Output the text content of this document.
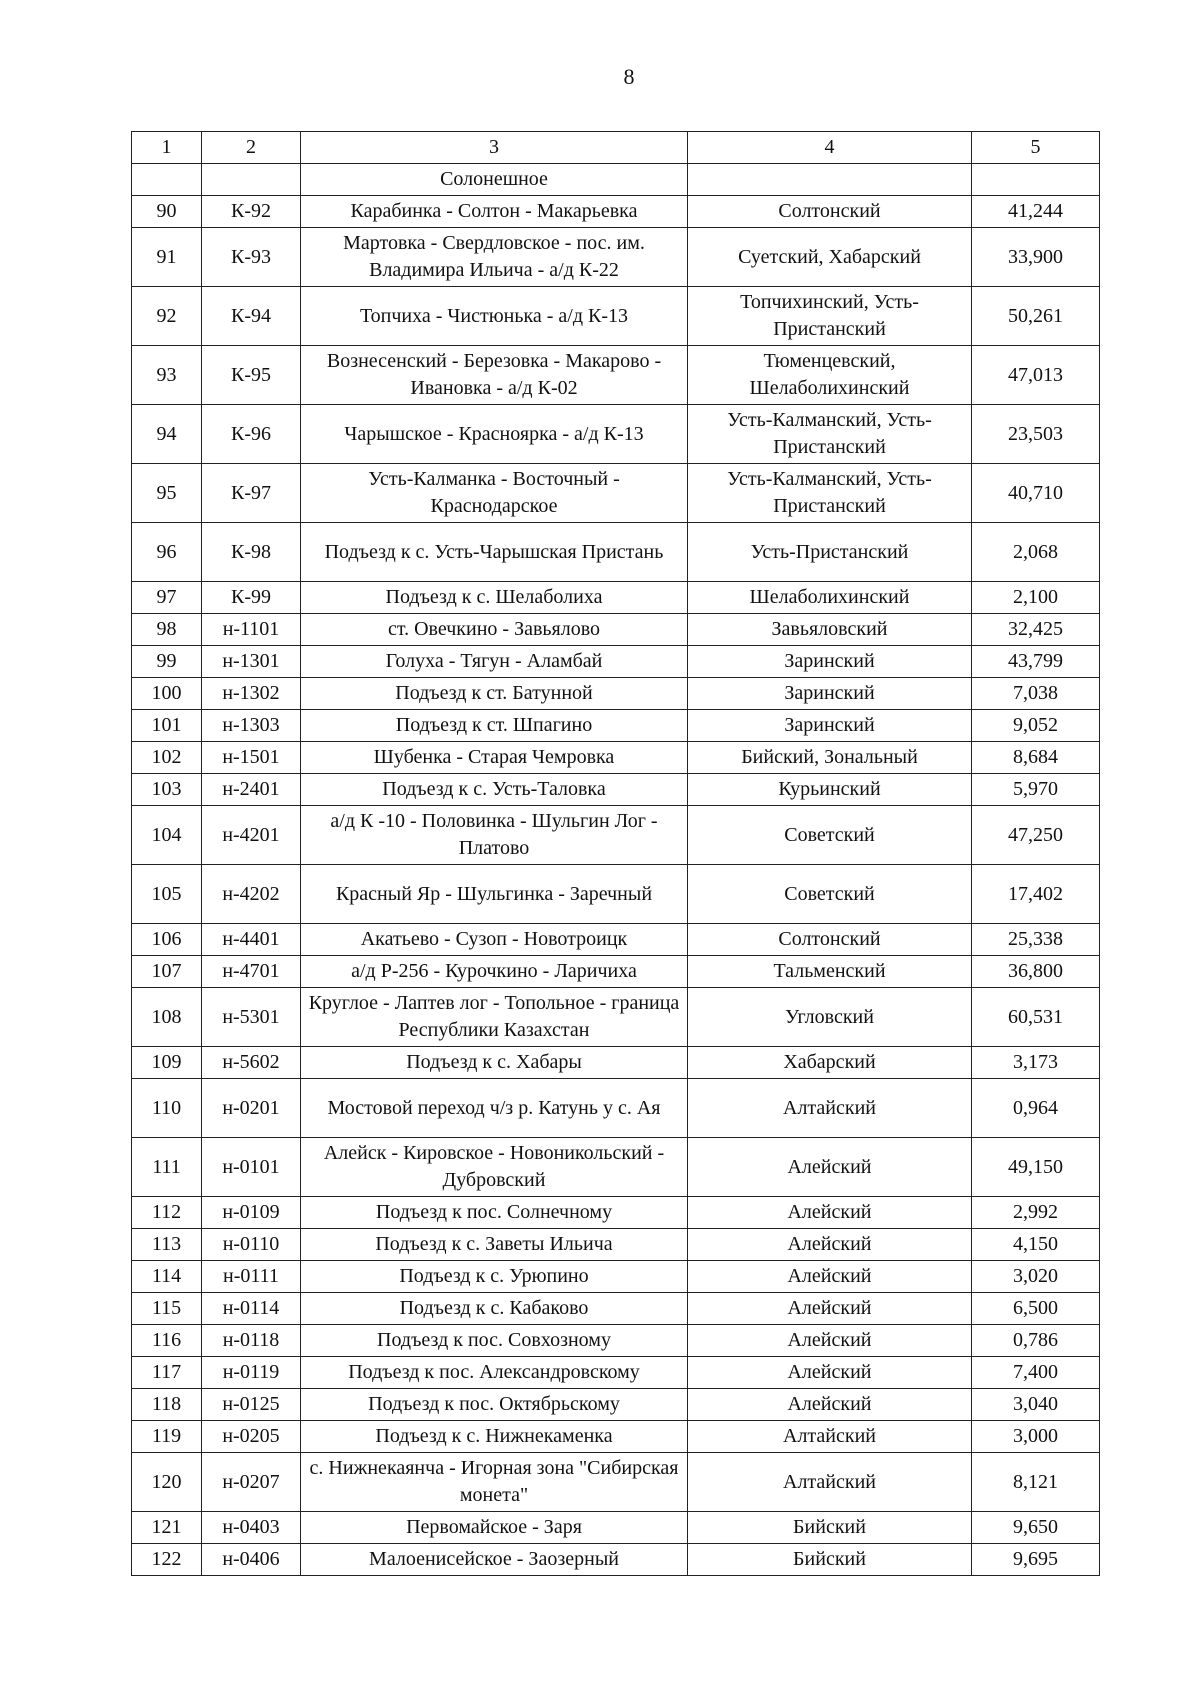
8
1	2	3	4	5
		Солонешное		
90	К-92	Карабинка - Солтон - Макарьевка	Солтонский	41,244
91	К-93	Мартовка - Свердловское - пос. им. Владимира Ильича - а/д К-22	Суетский, Хабарский	33,900
92	К-94	Топчиха - Чистюнька - а/д К-13	Топчихинский, Усть-Пристанский	50,261
93	К-95	Вознесенский - Березовка - Макарово - Ивановка - а/д К-02	Тюменцевский, Шелаболихинский	47,013
94	К-96	Чарышское - Красноярка - а/д К-13	Усть-Калманский, Усть-Пристанский	23,503
95	К-97	Усть-Калманка - Восточный - Краснодарское	Усть-Калманский, Усть-Пристанский	40,710
96	К-98	Подъезд к с. Усть-Чарышская Пристань	Усть-Пристанский	2,068
97	К-99	Подъезд к с. Шелаболиха	Шелаболихинский	2,100
98	н-1101	ст. Овечкино - Завьялово	Завьяловский	32,425
99	н-1301	Голуха - Тягун - Аламбай	Заринский	43,799
100	н-1302	Подъезд к ст. Батунной	Заринский	7,038
101	н-1303	Подъезд к ст. Шпагино	Заринский	9,052
102	н-1501	Шубенка - Старая Чемровка	Бийский, Зональный	8,684
103	н-2401	Подъезд к с. Усть-Таловка	Курьинский	5,970
104	н-4201	а/д К -10 - Половинка - Шульгин Лог - Платово	Советский	47,250
105	н-4202	Красный Яр - Шульгинка - Заречный	Советский	17,402
106	н-4401	Акатьево - Сузоп - Новотроицк	Солтонский	25,338
107	н-4701	а/д Р-256 - Курочкино - Ларичиха	Тальменский	36,800
108	н-5301	Круглое - Лаптев лог - Топольное - граница Республики Казахстан	Угловский	60,531
109	н-5602	Подъезд к с. Хабары	Хабарский	3,173
110	н-0201	Мостовой переход ч/з р. Катунь у с. Ая	Алтайский	0,964
111	н-0101	Алейск - Кировское - Новоникольский - Дубровский	Алейский	49,150
112	н-0109	Подъезд к пос. Солнечному	Алейский	2,992
113	н-0110	Подъезд к с. Заветы Ильича	Алейский	4,150
114	н-0111	Подъезд к с. Урюпино	Алейский	3,020
115	н-0114	Подъезд к с. Кабаково	Алейский	6,500
116	н-0118	Подъезд к пос. Совхозному	Алейский	0,786
117	н-0119	Подъезд к пос. Александровскому	Алейский	7,400
118	н-0125	Подъезд к пос. Октябрьскому	Алейский	3,040
119	н-0205	Подъезд к с. Нижнекаменка	Алтайский	3,000
120	н-0207	с. Нижнекаянча - Игорная зона "Сибирская монета"	Алтайский	8,121
121	н-0403	Первомайское - Заря	Бийский	9,650
122	н-0406	Малоенисейское - Заозерный	Бийский	9,695
